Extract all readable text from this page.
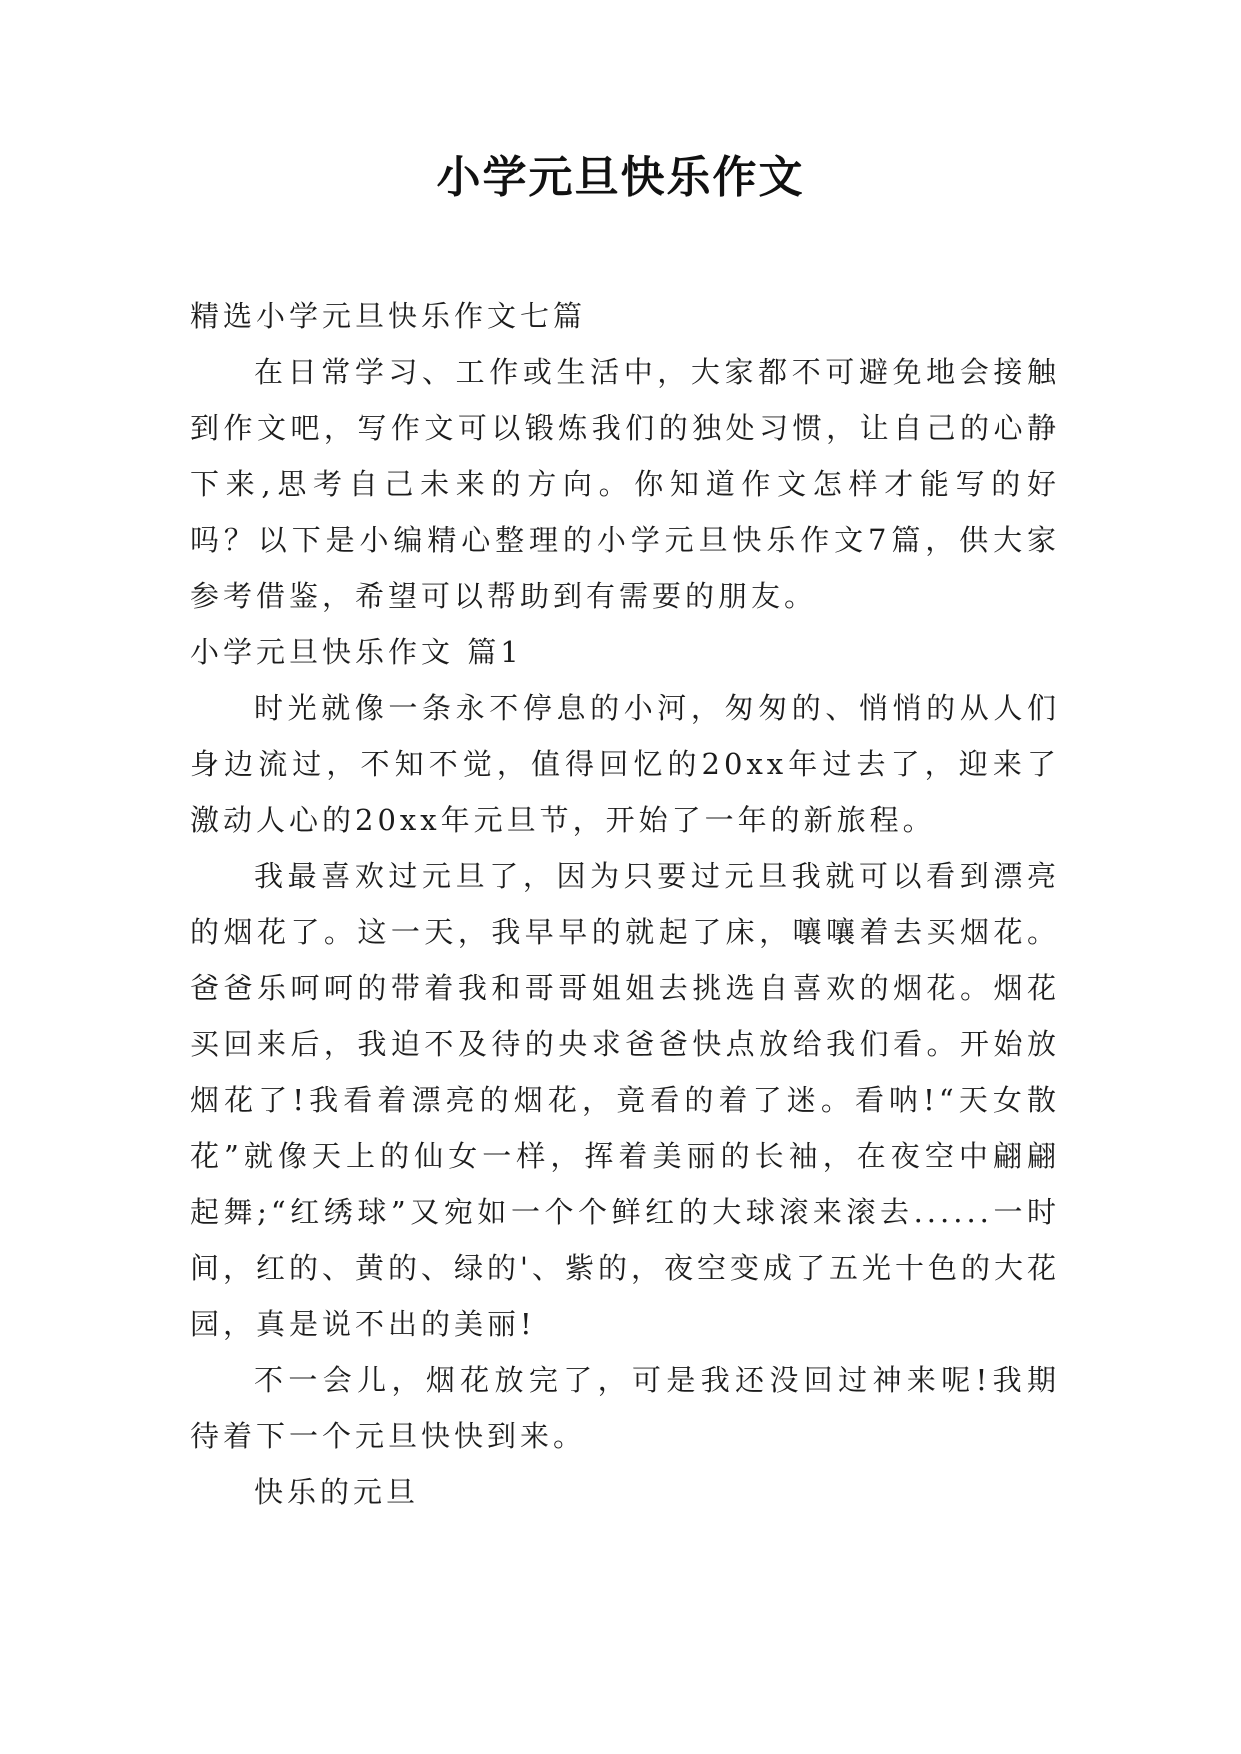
小学元旦快乐作文

精选小学元旦快乐作文七篇

在日常学习、工作或生活中，大家都不可避免地会接触到作文吧，写作文可以锻炼我们的独处习惯，让自己的心静下来,思考自己未来的方向。你知道作文怎样才能写的好吗？以下是小编精心整理的小学元旦快乐作文7篇，供大家参考借鉴，希望可以帮助到有需要的朋友。

小学元旦快乐作文 篇1

时光就像一条永不停息的小河，匆匆的、悄悄的从人们身边流过，不知不觉，值得回忆的20xx年过去了，迎来了激动人心的20xx年元旦节，开始了一年的新旅程。

我最喜欢过元旦了，因为只要过元旦我就可以看到漂亮的烟花了。这一天，我早早的就起了床，嚷嚷着去买烟花。爸爸乐呵呵的带着我和哥哥姐姐去挑选自喜欢的烟花。烟花买回来后，我迫不及待的央求爸爸快点放给我们看。开始放烟花了!我看着漂亮的烟花，竟看的着了迷。看呐!“天女散花”就像天上的仙女一样，挥着美丽的长袖，在夜空中翩翩起舞;“红绣球”又宛如一个个鲜红的大球滚来滚去......一时间，红的、黄的、绿的'、紫的，夜空变成了五光十色的大花园，真是说不出的美丽!

不一会儿，烟花放完了，可是我还没回过神来呢!我期待着下一个元旦快快到来。

快乐的元旦
